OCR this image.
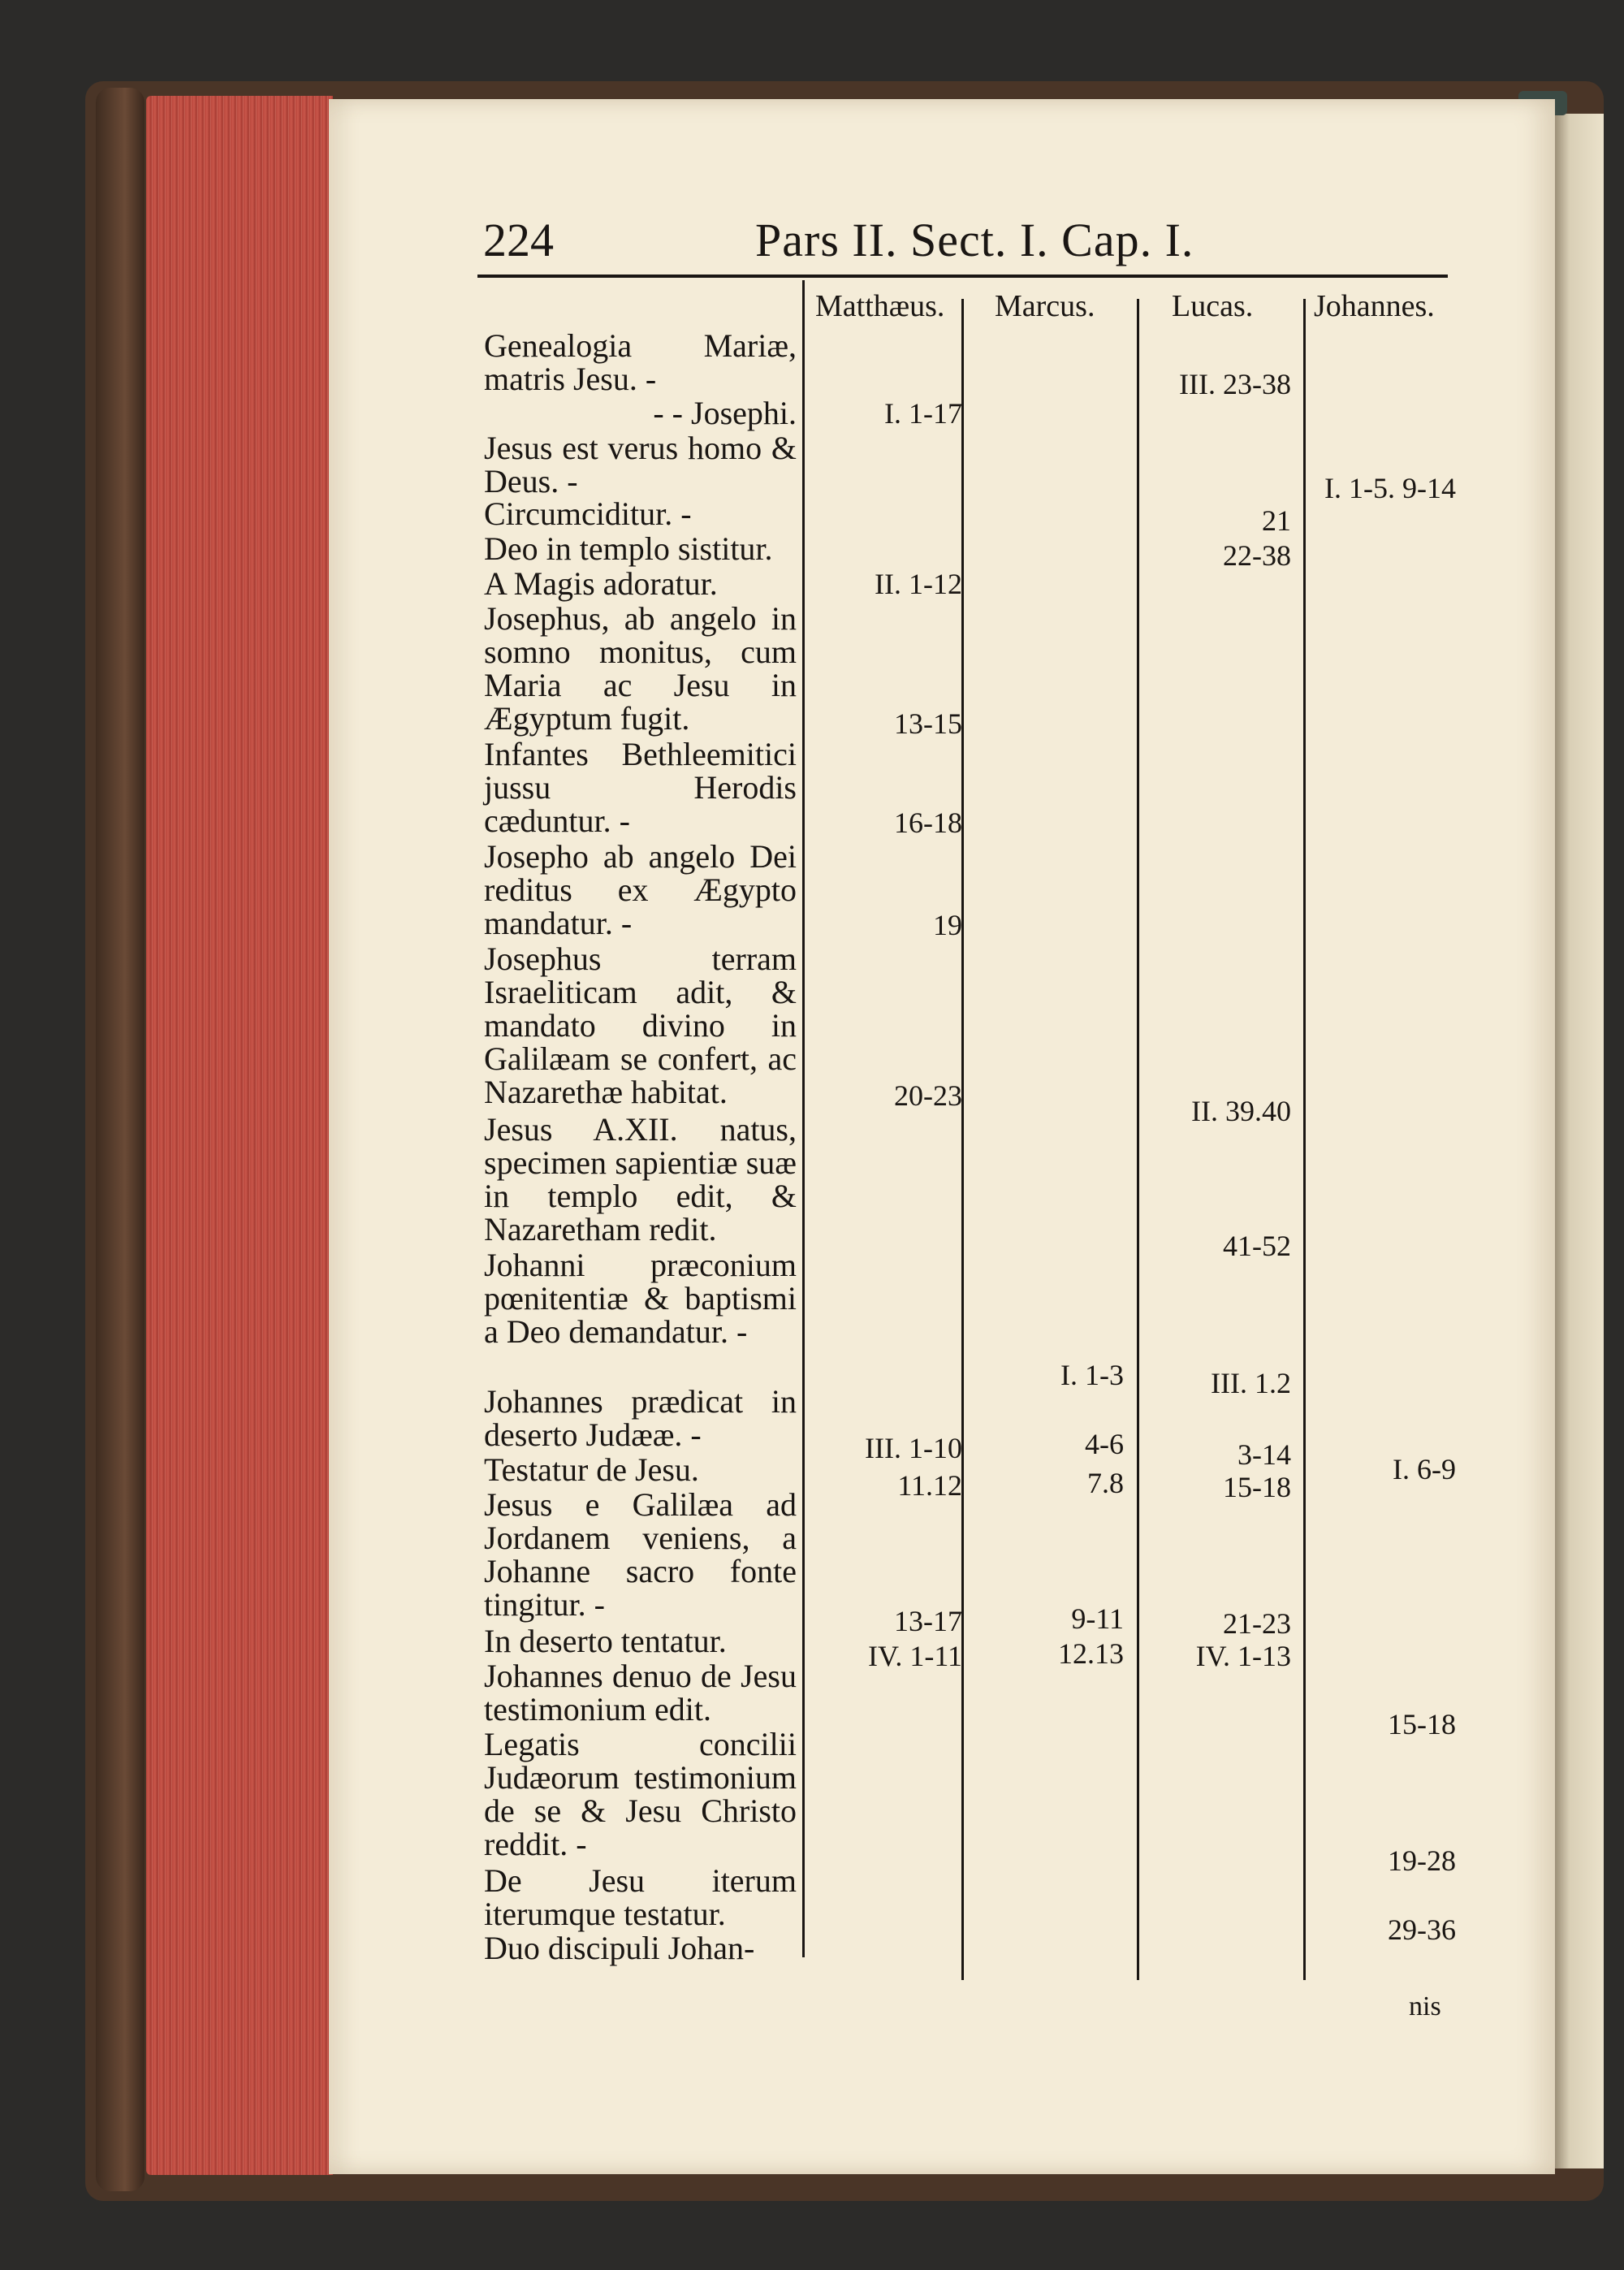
224	Pars II. Sect. I. Cap. I.
Matthæus. Marcus. Lucas. Johannes.
Genealogia Mariæ, matris Jesu. -
- - Josephi.
Jesus est verus homo & Deus. -
Circumciditur. -
Deo in templo sistitur.
A Magis adoratur.
Josephus, ab angelo in somno monitus, cum Maria ac Jesu in Ægyptum fugit.
Infantes Bethleemitici jussu Herodis cæduntur. -
Josepho ab angelo Dei reditus ex Ægypto mandatur. -
Josephus terram Israeliticam adit, & mandato divino in Galilæam se confert, ac Nazarethæ habitat.
Jesus A.XII. natus, specimen sapientiæ suæ in templo edit, & Nazaretham redit.
Johanni præconium pœnitentiæ & baptismi a Deo demandatur. -
Johannes prædicat in deserto Judææ. -
Testatur de Jesu.
Jesus e Galilæa ad Jordanem veniens, a Johanne sacro fonte tingitur. -
In deserto tentatur.
Johannes denuo de Jesu testimonium edit.
Legatis concilii Judæorum testimonium de se & Jesu Christo reddit. -
De Jesu iterum iterumque testatur.
Duo discipuli Johan-
I. 1-17
II. 1-12
13-15
16-18
19
20-23
III. 1-10
11.12
13-17
IV. 1-11
I. 1-3
4-6
7.8
9-11
12.13
III. 23-38
21
22-38
II. 39.40
41-52
III. 1.2
3-14
15-18
21-23
IV. 1-13
I. 1-5. 9-14
I. 6-9
15-18
19-28
29-36
nis
